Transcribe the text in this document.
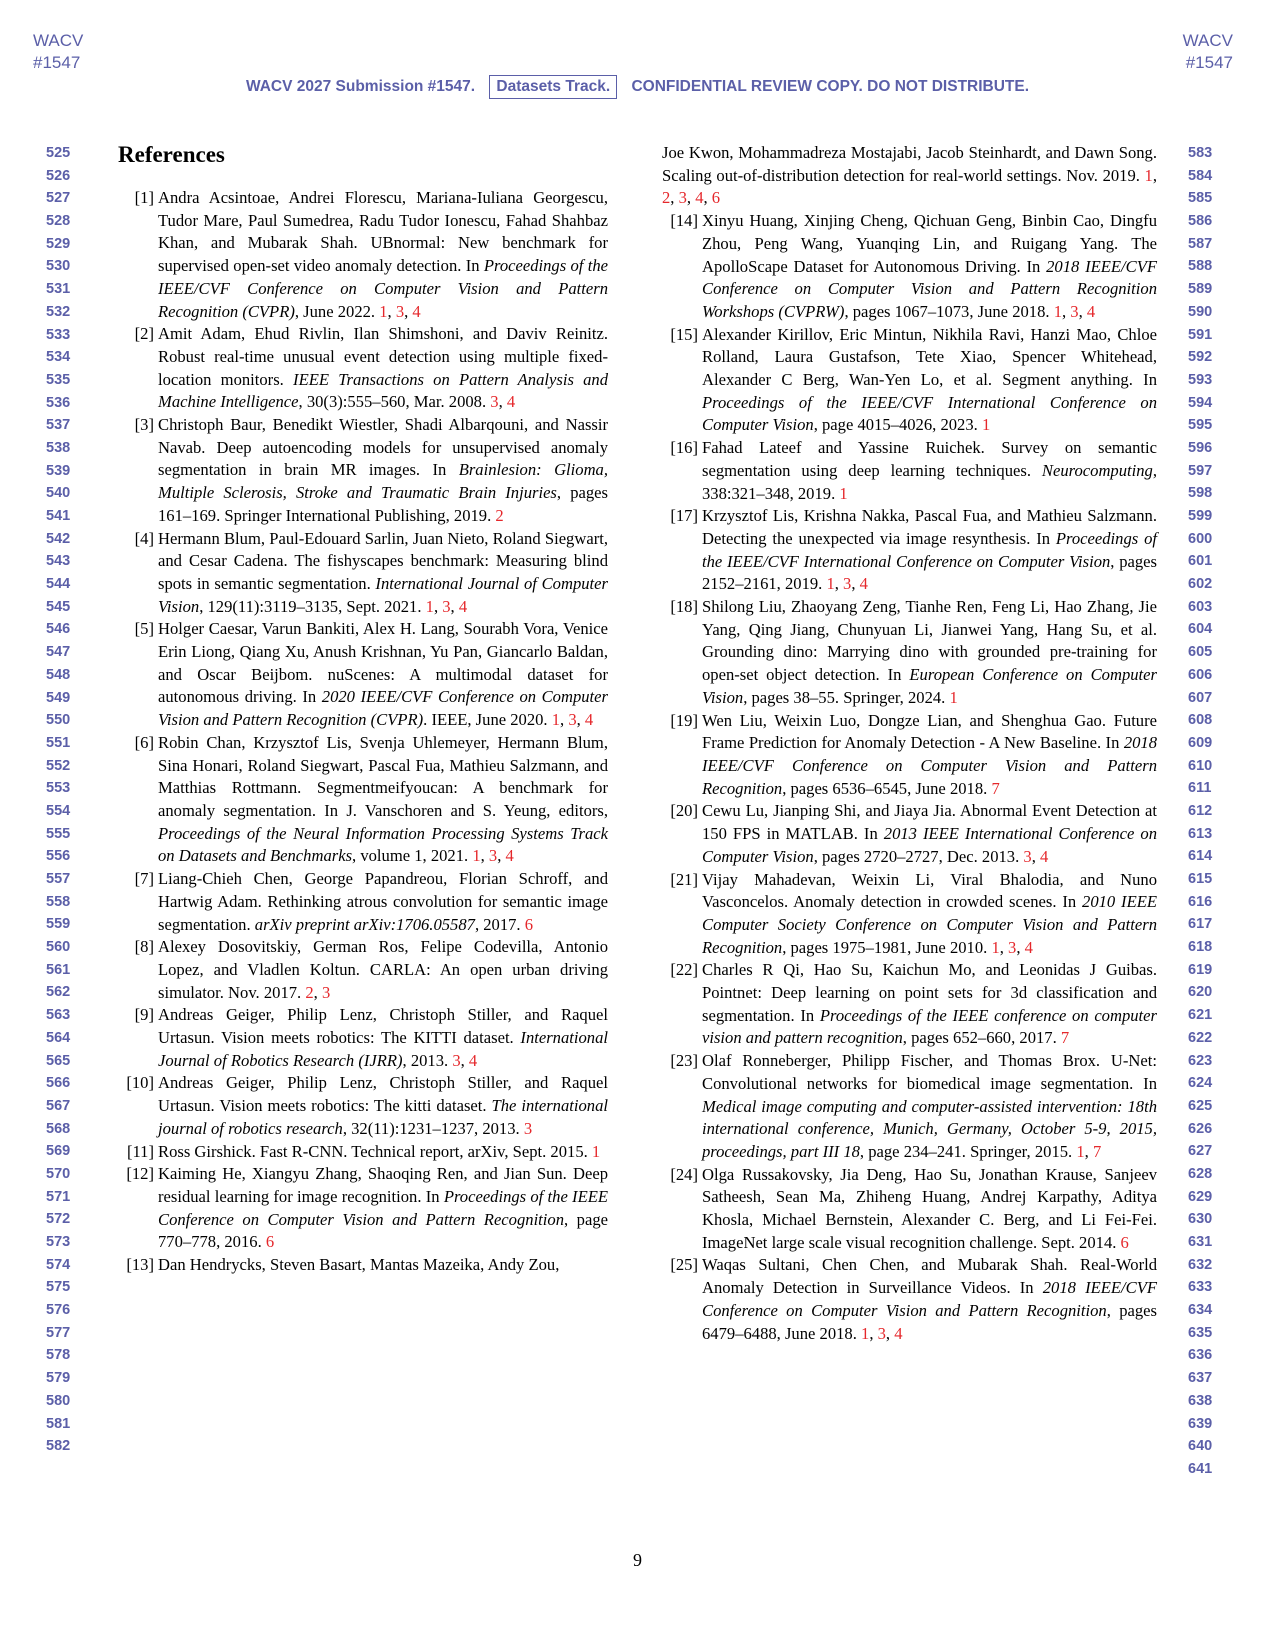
WACV
#1547
WACV
#1547
WACV 2027 Submission #1547. Datasets Track. CONFIDENTIAL REVIEW COPY. DO NOT DISTRIBUTE.
525
526
527
528
529
530
531
532
533
534
535
536
537
538
539
540
541
542
543
544
545
546
547
548
549
550
551
552
553
554
555
556
557
558
559
560
561
562
563
564
565
566
567
568
569
570
571
572
573
574
575
576
577
578
579
580
581
582
583
584
585
586
587
588
589
590
591
592
593
594
595
596
597
598
599
600
601
602
603
604
605
606
607
608
609
610
611
612
613
614
615
616
617
618
619
620
621
622
623
624
625
626
627
628
629
630
631
632
633
634
635
636
637
638
639
640
641
References
[1] Andra Acsintoae, Andrei Florescu, Mariana-Iuliana Georgescu, Tudor Mare, Paul Sumedrea, Radu Tudor Ionescu, Fahad Shahbaz Khan, and Mubarak Shah. UBnormal: New benchmark for supervised open-set video anomaly detection. In Proceedings of the IEEE/CVF Conference on Computer Vision and Pattern Recognition (CVPR), June 2022. 1, 3, 4
[2] Amit Adam, Ehud Rivlin, Ilan Shimshoni, and Daviv Reinitz. Robust real-time unusual event detection using multiple fixed-location monitors. IEEE Transactions on Pattern Analysis and Machine Intelligence, 30(3):555–560, Mar. 2008. 3, 4
[3] Christoph Baur, Benedikt Wiestler, Shadi Albarqouni, and Nassir Navab. Deep autoencoding models for unsupervised anomaly segmentation in brain MR images. In Brainlesion: Glioma, Multiple Sclerosis, Stroke and Traumatic Brain Injuries, pages 161–169. Springer International Publishing, 2019. 2
[4] Hermann Blum, Paul-Edouard Sarlin, Juan Nieto, Roland Siegwart, and Cesar Cadena. The fishyscapes benchmark: Measuring blind spots in semantic segmentation. International Journal of Computer Vision, 129(11):3119–3135, Sept. 2021. 1, 3, 4
[5] Holger Caesar, Varun Bankiti, Alex H. Lang, Sourabh Vora, Venice Erin Liong, Qiang Xu, Anush Krishnan, Yu Pan, Giancarlo Baldan, and Oscar Beijbom. nuScenes: A multimodal dataset for autonomous driving. In 2020 IEEE/CVF Conference on Computer Vision and Pattern Recognition (CVPR). IEEE, June 2020. 1, 3, 4
[6] Robin Chan, Krzysztof Lis, Svenja Uhlemeyer, Hermann Blum, Sina Honari, Roland Siegwart, Pascal Fua, Mathieu Salzmann, and Matthias Rottmann. Segmentmeifyoucan: A benchmark for anomaly segmentation. In J. Vanschoren and S. Yeung, editors, Proceedings of the Neural Information Processing Systems Track on Datasets and Benchmarks, volume 1, 2021. 1, 3, 4
[7] Liang-Chieh Chen, George Papandreou, Florian Schroff, and Hartwig Adam. Rethinking atrous convolution for semantic image segmentation. arXiv preprint arXiv:1706.05587, 2017. 6
[8] Alexey Dosovitskiy, German Ros, Felipe Codevilla, Antonio Lopez, and Vladlen Koltun. CARLA: An open urban driving simulator. Nov. 2017. 2, 3
[9] Andreas Geiger, Philip Lenz, Christoph Stiller, and Raquel Urtasun. Vision meets robotics: The KITTI dataset. International Journal of Robotics Research (IJRR), 2013. 3, 4
[10] Andreas Geiger, Philip Lenz, Christoph Stiller, and Raquel Urtasun. Vision meets robotics: The kitti dataset. The international journal of robotics research, 32(11):1231–1237, 2013. 3
[11] Ross Girshick. Fast R-CNN. Technical report, arXiv, Sept. 2015. 1
[12] Kaiming He, Xiangyu Zhang, Shaoqing Ren, and Jian Sun. Deep residual learning for image recognition. In Proceedings of the IEEE Conference on Computer Vision and Pattern Recognition, page 770–778, 2016. 6
[13] Dan Hendrycks, Steven Basart, Mantas Mazeika, Andy Zou,
Joe Kwon, Mohammadreza Mostajabi, Jacob Steinhardt, and Dawn Song. Scaling out-of-distribution detection for real-world settings. Nov. 2019. 1, 2, 3, 4, 6
[14] Xinyu Huang, Xinjing Cheng, Qichuan Geng, Binbin Cao, Dingfu Zhou, Peng Wang, Yuanqing Lin, and Ruigang Yang. The ApolloScape Dataset for Autonomous Driving. In 2018 IEEE/CVF Conference on Computer Vision and Pattern Recognition Workshops (CVPRW), pages 1067–1073, June 2018. 1, 3, 4
[15] Alexander Kirillov, Eric Mintun, Nikhila Ravi, Hanzi Mao, Chloe Rolland, Laura Gustafson, Tete Xiao, Spencer Whitehead, Alexander C Berg, Wan-Yen Lo, et al. Segment anything. In Proceedings of the IEEE/CVF International Conference on Computer Vision, page 4015–4026, 2023. 1
[16] Fahad Lateef and Yassine Ruichek. Survey on semantic segmentation using deep learning techniques. Neurocomputing, 338:321–348, 2019. 1
[17] Krzysztof Lis, Krishna Nakka, Pascal Fua, and Mathieu Salzmann. Detecting the unexpected via image resynthesis. In Proceedings of the IEEE/CVF International Conference on Computer Vision, pages 2152–2161, 2019. 1, 3, 4
[18] Shilong Liu, Zhaoyang Zeng, Tianhe Ren, Feng Li, Hao Zhang, Jie Yang, Qing Jiang, Chunyuan Li, Jianwei Yang, Hang Su, et al. Grounding dino: Marrying dino with grounded pre-training for open-set object detection. In European Conference on Computer Vision, pages 38–55. Springer, 2024. 1
[19] Wen Liu, Weixin Luo, Dongze Lian, and Shenghua Gao. Future Frame Prediction for Anomaly Detection - A New Baseline. In 2018 IEEE/CVF Conference on Computer Vision and Pattern Recognition, pages 6536–6545, June 2018. 7
[20] Cewu Lu, Jianping Shi, and Jiaya Jia. Abnormal Event Detection at 150 FPS in MATLAB. In 2013 IEEE International Conference on Computer Vision, pages 2720–2727, Dec. 2013. 3, 4
[21] Vijay Mahadevan, Weixin Li, Viral Bhalodia, and Nuno Vasconcelos. Anomaly detection in crowded scenes. In 2010 IEEE Computer Society Conference on Computer Vision and Pattern Recognition, pages 1975–1981, June 2010. 1, 3, 4
[22] Charles R Qi, Hao Su, Kaichun Mo, and Leonidas J Guibas. Pointnet: Deep learning on point sets for 3d classification and segmentation. In Proceedings of the IEEE conference on computer vision and pattern recognition, pages 652–660, 2017. 7
[23] Olaf Ronneberger, Philipp Fischer, and Thomas Brox. U-Net: Convolutional networks for biomedical image segmentation. In Medical image computing and computer-assisted intervention: 18th international conference, Munich, Germany, October 5-9, 2015, proceedings, part III 18, page 234–241. Springer, 2015. 1, 7
[24] Olga Russakovsky, Jia Deng, Hao Su, Jonathan Krause, Sanjeev Satheesh, Sean Ma, Zhiheng Huang, Andrej Karpathy, Aditya Khosla, Michael Bernstein, Alexander C. Berg, and Li Fei-Fei. ImageNet large scale visual recognition challenge. Sept. 2014. 6
[25] Waqas Sultani, Chen Chen, and Mubarak Shah. Real-World Anomaly Detection in Surveillance Videos. In 2018 IEEE/CVF Conference on Computer Vision and Pattern Recognition, pages 6479–6488, June 2018. 1, 3, 4
9
